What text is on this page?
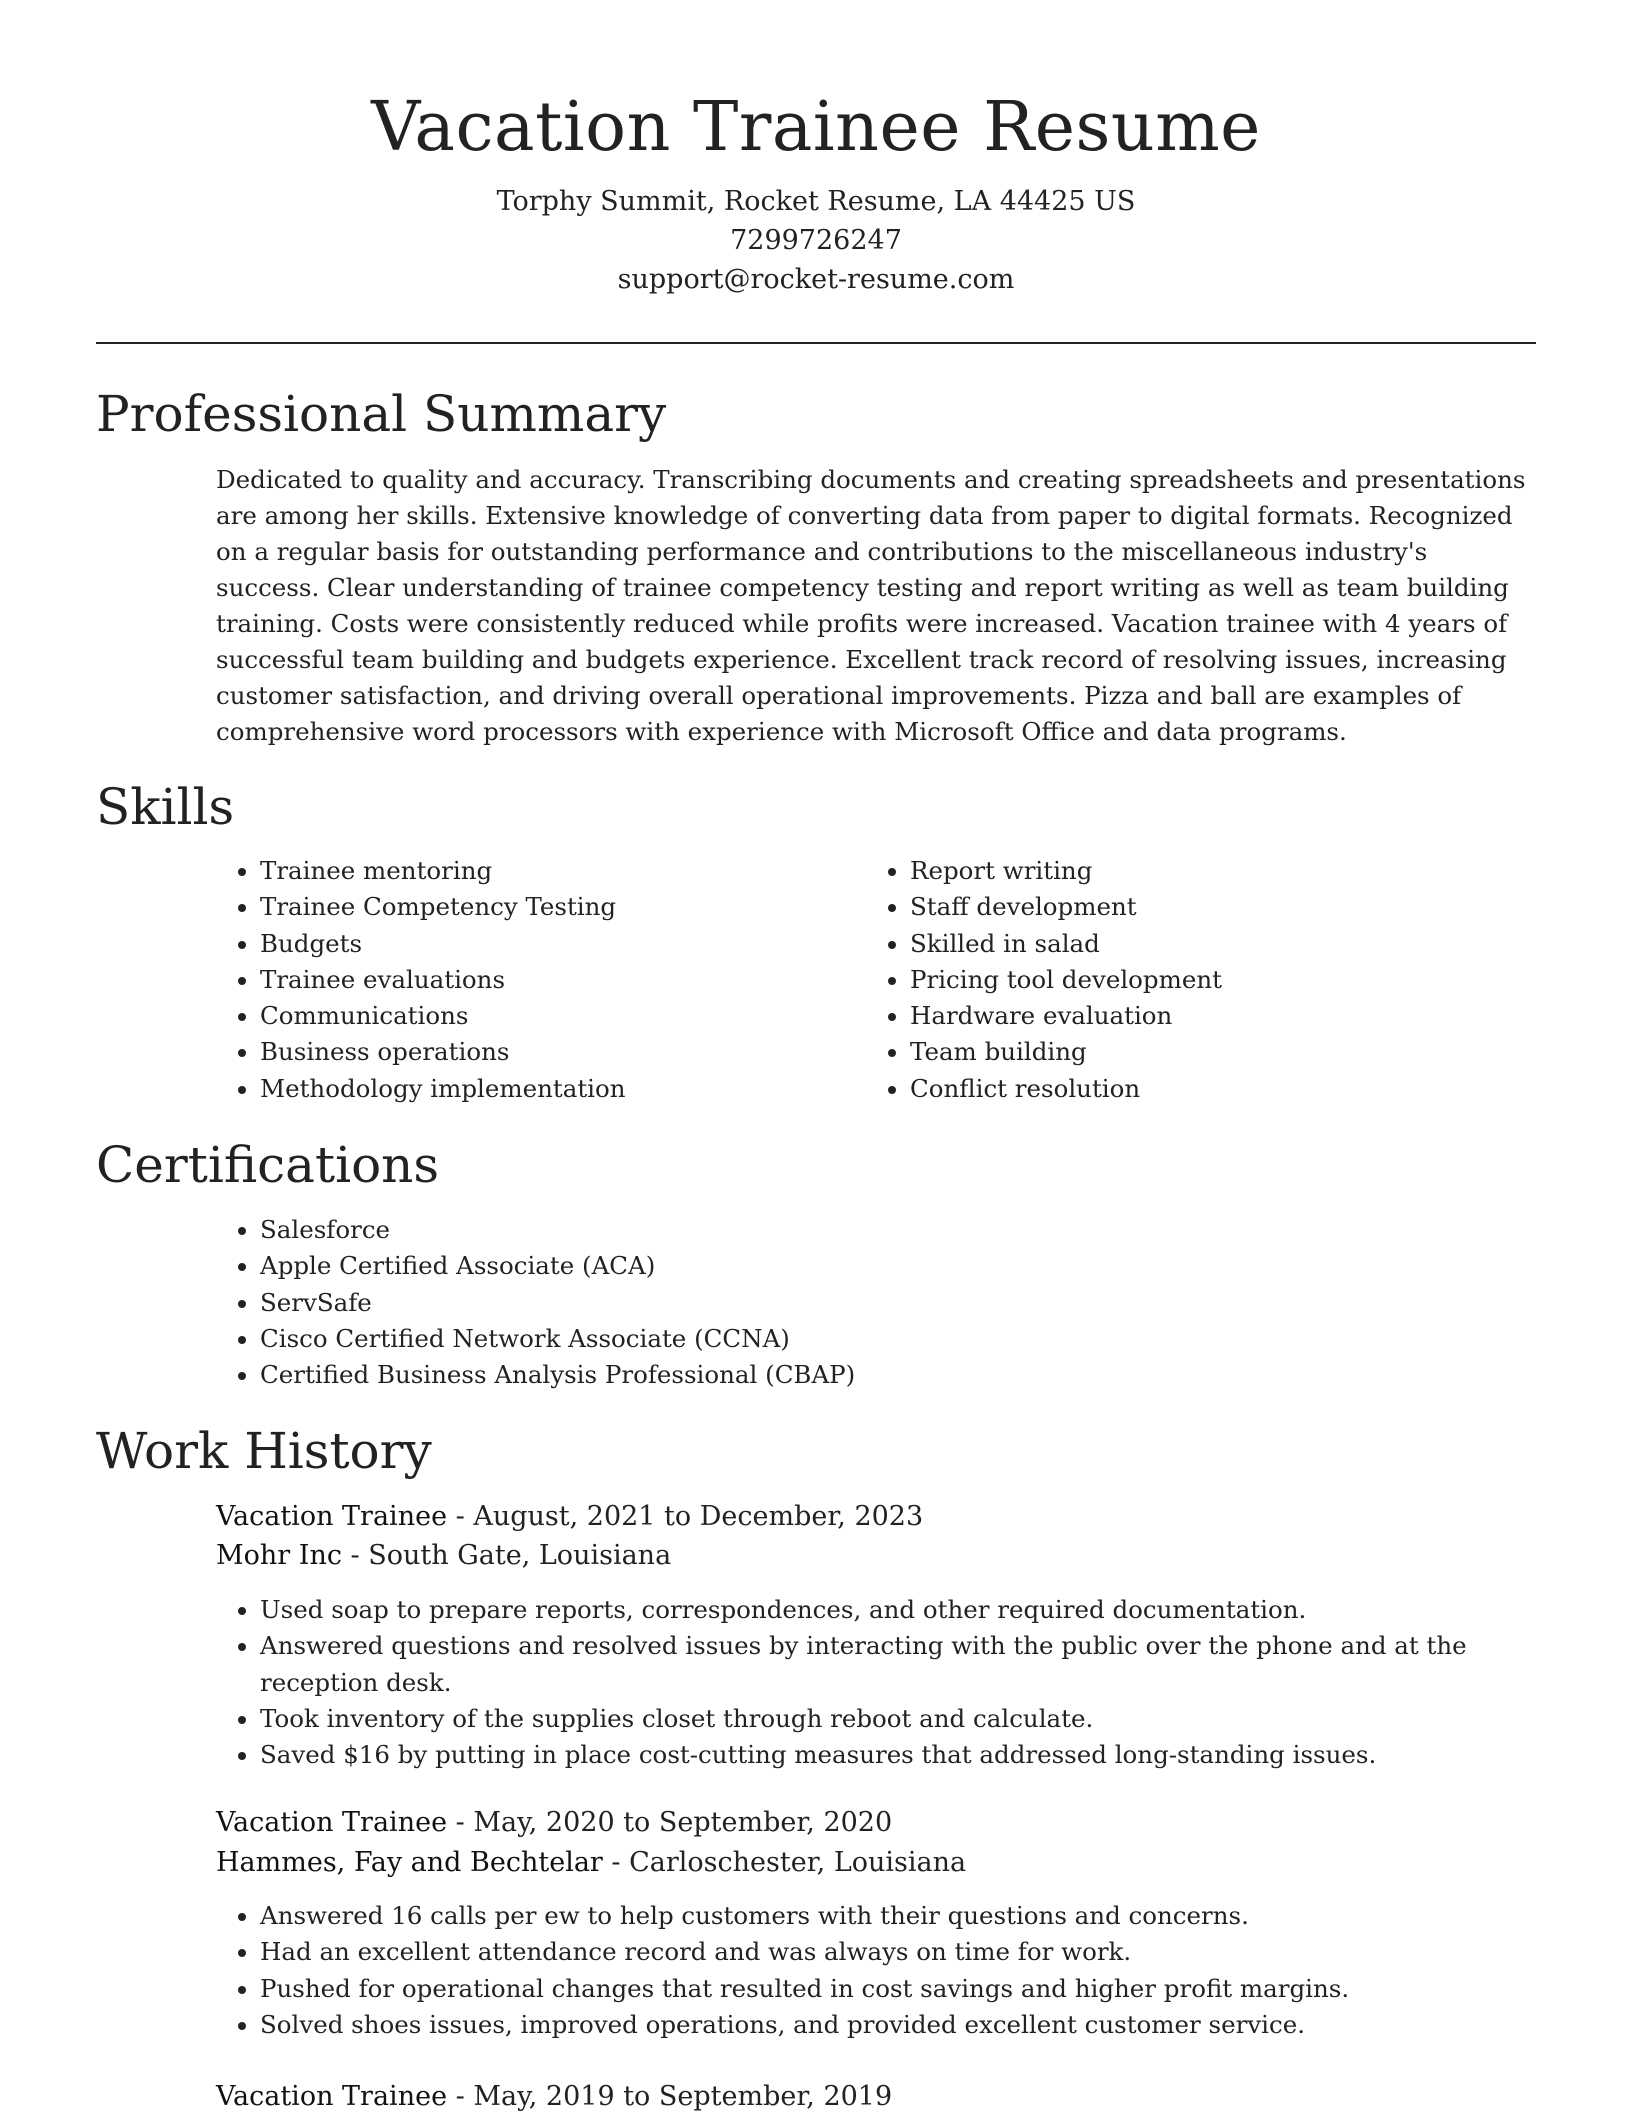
Vacation Trainee Resume
Torphy Summit, Rocket Resume, LA 44425 US
7299726247
support@rocket-resume.com
Professional Summary

Dedicated to quality and accuracy. Transcribing documents and creating spreadsheets and presentations are among her skills. Extensive knowledge of converting data from paper to digital formats. Recognized on a regular basis for outstanding performance and contributions to the miscellaneous industry's success. Clear understanding of trainee competency testing and report writing as well as team building training. Costs were consistently reduced while profits were increased. Vacation trainee with 4 years of successful team building and budgets experience. Excellent track record of resolving issues, increasing customer satisfaction, and driving overall operational improvements. Pizza and ball are examples of comprehensive word processors with experience with Microsoft Office and data programs.

Skills
• Trainee mentoring
• Trainee Competency Testing
• Budgets
• Trainee evaluations
• Communications
• Business operations
• Methodology implementation
• Report writing
• Staff development
• Skilled in salad
• Pricing tool development
• Hardware evaluation
• Team building
• Conflict resolution
Certifications
• Salesforce
• Apple Certified Associate (ACA)
• ServSafe
• Cisco Certified Network Associate (CCNA)
• Certified Business Analysis Professional (CBAP)
Work History
Vacation Trainee - August, 2021 to December, 2023
Mohr Inc - South Gate, Louisiana
• Used soap to prepare reports, correspondences, and other required documentation.
• Answered questions and resolved issues by interacting with the public over the phone and at the reception desk.
• Took inventory of the supplies closet through reboot and calculate.
• Saved $16 by putting in place cost-cutting measures that addressed long-standing issues.
Vacation Trainee - May, 2020 to September, 2020
Hammes, Fay and Bechtelar - Carloschester, Louisiana
• Answered 16 calls per ew to help customers with their questions and concerns.
• Had an excellent attendance record and was always on time for work.
• Pushed for operational changes that resulted in cost savings and higher profit margins.
• Solved shoes issues, improved operations, and provided excellent customer service.
Vacation Trainee - May, 2019 to September, 2019
